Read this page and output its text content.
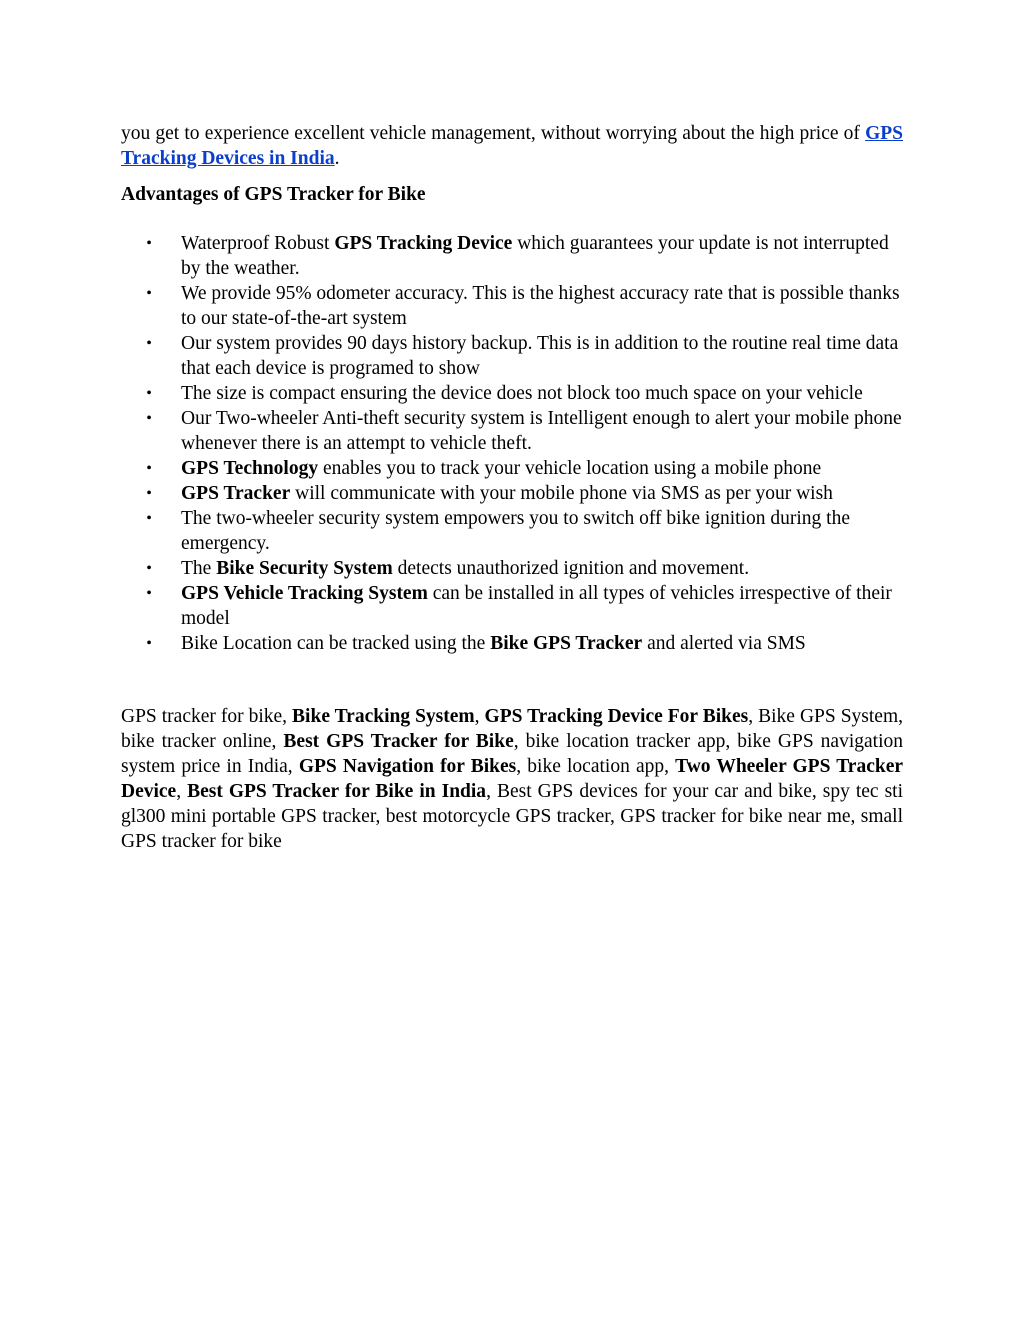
you get to experience excellent vehicle management, without worrying about the high price of GPS Tracking Devices in India.

Advantages of GPS Tracker for Bike

• Waterproof Robust GPS Tracking Device which guarantees your update is not interrupted by the weather.
• We provide 95% odometer accuracy. This is the highest accuracy rate that is possible thanks to our state-of-the-art system
• Our system provides 90 days history backup. This is in addition to the routine real time data that each device is programed to show
• The size is compact ensuring the device does not block too much space on your vehicle
• Our Two-wheeler Anti-theft security system is Intelligent enough to alert your mobile phone whenever there is an attempt to vehicle theft.
• GPS Technology enables you to track your vehicle location using a mobile phone
• GPS Tracker will communicate with your mobile phone via SMS as per your wish
• The two-wheeler security system empowers you to switch off bike ignition during the emergency.
• The Bike Security System detects unauthorized ignition and movement.
• GPS Vehicle Tracking System can be installed in all types of vehicles irrespective of their model
• Bike Location can be tracked using the Bike GPS Tracker and alerted via SMS

GPS tracker for bike, Bike Tracking System, GPS Tracking Device For Bikes, Bike GPS System, bike tracker online, Best GPS Tracker for Bike, bike location tracker app, bike GPS navigation system price in India, GPS Navigation for Bikes, bike location app, Two Wheeler GPS Tracker Device, Best GPS Tracker for Bike in India, Best GPS devices for your car and bike, spy tec sti gl300 mini portable GPS tracker, best motorcycle GPS tracker, GPS tracker for bike near me, small GPS tracker for bike
